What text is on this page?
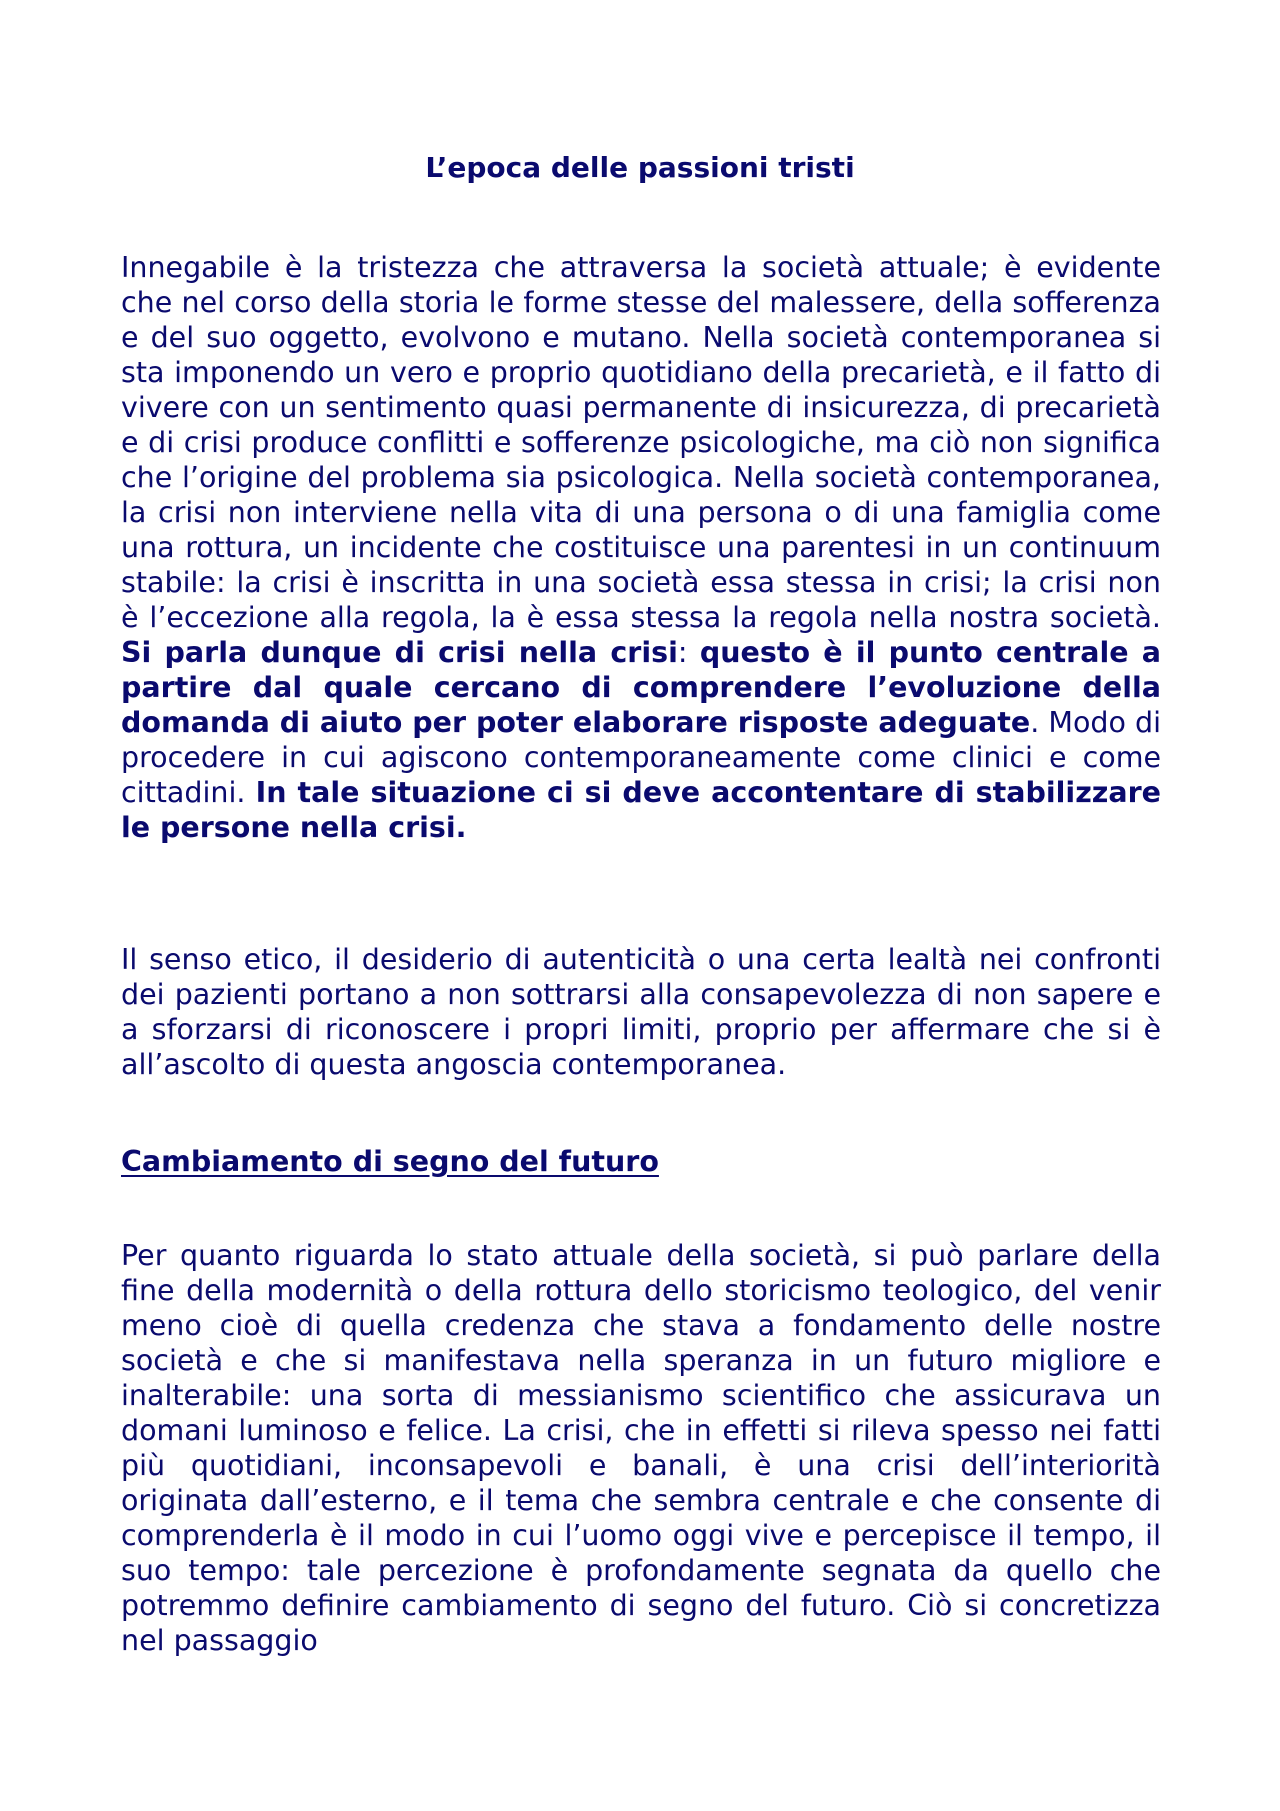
L’epoca delle passioni tristi

Innegabile è la tristezza che attraversa la società attuale; è evidente che nel corso della storia le forme stesse del malessere, della sofferenza e del suo oggetto, evolvono e mutano. Nella società contemporanea si sta imponendo un vero e proprio quotidiano della precarietà, e il fatto di vivere con un sentimento quasi permanente di insicurezza, di precarietà e di crisi produce conflitti e sofferenze psicologiche, ma ciò non significa che l’origine del problema sia psicologica. Nella società contemporanea, la crisi non interviene nella vita di una persona o di una famiglia come una rottura, un incidente che costituisce una parentesi in un continuum stabile: la crisi è inscritta in una società essa stessa in crisi; la crisi non è l’eccezione alla regola, la è essa stessa la regola nella nostra società. Si parla dunque di crisi nella crisi: questo è il punto centrale a partire dal quale cercano di comprendere l’evoluzione della domanda di aiuto per poter elaborare risposte adeguate. Modo di procedere in cui agiscono contemporaneamente come clinici e come cittadini. In tale situazione ci si deve accontentare di stabilizzare le persone nella crisi.

Il senso etico, il desiderio di autenticità o una certa lealtà nei confronti dei pazienti portano a non sottrarsi alla consapevolezza di non sapere e a sforzarsi di riconoscere i propri limiti, proprio per affermare che si è all’ascolto di questa angoscia contemporanea.

Cambiamento di segno del futuro

Per quanto riguarda lo stato attuale della società, si può parlare della fine della modernità o della rottura dello storicismo teologico, del venir meno cioè di quella credenza che stava a fondamento delle nostre società e che si manifestava nella speranza in un futuro migliore e inalterabile: una sorta di messianismo scientifico che assicurava un domani luminoso e felice. La crisi, che in effetti si rileva spesso nei fatti più quotidiani, inconsapevoli e banali, è una crisi dell’interiorità originata dall’esterno, e il tema che sembra centrale e che consente di comprenderla è il modo in cui l’uomo oggi vive e percepisce il tempo, il suo tempo: tale percezione è profondamente segnata da quello che potremmo definire cambiamento di segno del futuro. Ciò si concretizza nel passaggio
